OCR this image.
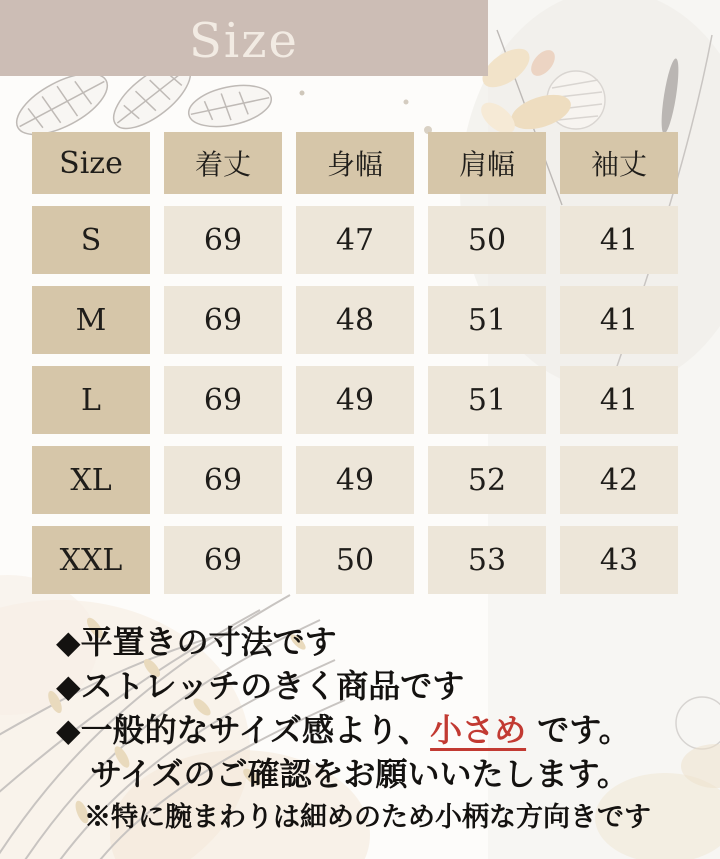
Size
Size	着丈	身幅	肩幅	袖丈
S	69	47	50	41
M	69	48	51	41
L	69	49	51	41
XL	69	49	52	42
XXL	69	50	53	43
◆平置きの寸法です
◆ストレッチのきく商品です
◆一般的なサイズ感より、小さめ です。
サイズのご確認をお願いいたします。
※特に腕まわりは細めのため小柄な方向きです
